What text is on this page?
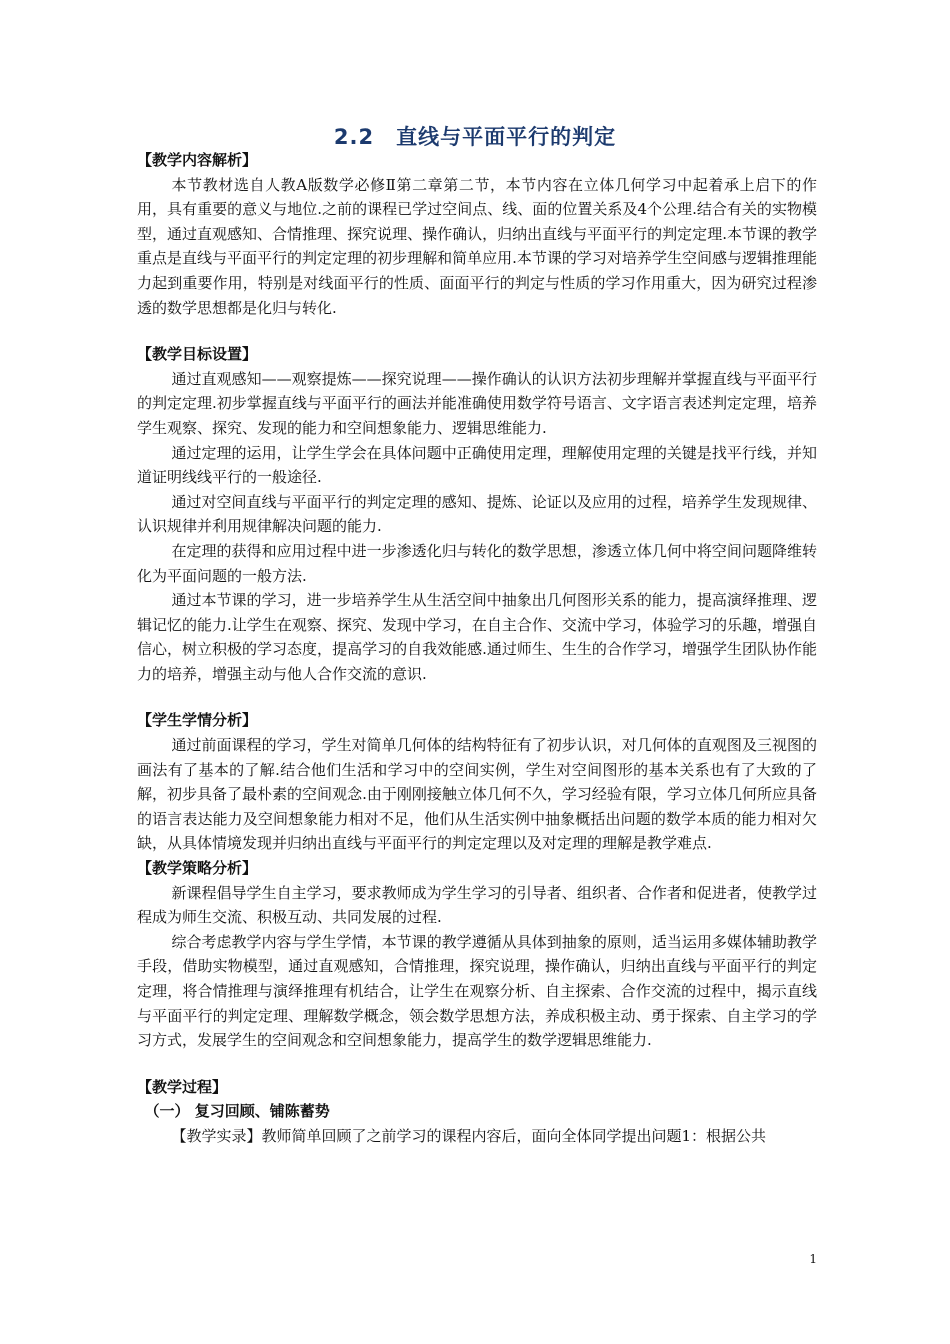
2.2　直线与平面平行的判定
【教学内容解析】

本节教材选自人教A版数学必修Ⅱ第二章第二节，本节内容在立体几何学习中起着承上启下的作用，具有重要的意义与地位.之前的课程已学过空间点、线、面的位置关系及4个公理.结合有关的实物模型，通过直观感知、合情推理、探究说理、操作确认，归纳出直线与平面平行的判定定理.本节课的教学重点是直线与平面平行的判定定理的初步理解和简单应用.本节课的学习对培养学生空间感与逻辑推理能力起到重要作用，特别是对线面平行的性质、面面平行的判定与性质的学习作用重大，因为研究过程渗透的数学思想都是化归与转化.

【教学目标设置】

通过直观感知——观察提炼——探究说理——操作确认的认识方法初步理解并掌握直线与平面平行的判定定理.初步掌握直线与平面平行的画法并能准确使用数学符号语言、文字语言表述判定定理，培养学生观察、探究、发现的能力和空间想象能力、逻辑思维能力.

通过定理的运用，让学生学会在具体问题中正确使用定理，理解使用定理的关键是找平行线，并知道证明线线平行的一般途径.

通过对空间直线与平面平行的判定定理的感知、提炼、论证以及应用的过程，培养学生发现规律、认识规律并利用规律解决问题的能力.

在定理的获得和应用过程中进一步渗透化归与转化的数学思想，渗透立体几何中将空间问题降维转化为平面问题的一般方法.

通过本节课的学习，进一步培养学生从生活空间中抽象出几何图形关系的能力，提高演绎推理、逻辑记忆的能力.让学生在观察、探究、发现中学习，在自主合作、交流中学习，体验学习的乐趣，增强自信心，树立积极的学习态度，提高学习的自我效能感.通过师生、生生的合作学习，增强学生团队协作能力的培养，增强主动与他人合作交流的意识.

【学生学情分析】

通过前面课程的学习，学生对简单几何体的结构特征有了初步认识，对几何体的直观图及三视图的画法有了基本的了解.结合他们生活和学习中的空间实例，学生对空间图形的基本关系也有了大致的了解，初步具备了最朴素的空间观念.由于刚刚接触立体几何不久，学习经验有限，学习立体几何所应具备的语言表达能力及空间想象能力相对不足，他们从生活实例中抽象概括出问题的数学本质的能力相对欠缺，从具体情境发现并归纳出直线与平面平行的判定定理以及对定理的理解是教学难点.

【教学策略分析】

新课程倡导学生自主学习，要求教师成为学生学习的引导者、组织者、合作者和促进者，使教学过程成为师生交流、积极互动、共同发展的过程.

综合考虑教学内容与学生学情，本节课的教学遵循从具体到抽象的原则，适当运用多媒体辅助教学手段，借助实物模型，通过直观感知，合情推理，探究说理，操作确认，归纳出直线与平面平行的判定定理，将合情推理与演绎推理有机结合，让学生在观察分析、自主探索、合作交流的过程中，揭示直线与平面平行的判定定理、理解数学概念，领会数学思想方法，养成积极主动、勇于探索、自主学习的学习方式，发展学生的空间观念和空间想象能力，提高学生的数学逻辑思维能力.

【教学过程】
（一） 复习回顾、铺陈蓄势

【教学实录】教师简单回顾了之前学习的课程内容后，面向全体同学提出问题1：根据公共

1
